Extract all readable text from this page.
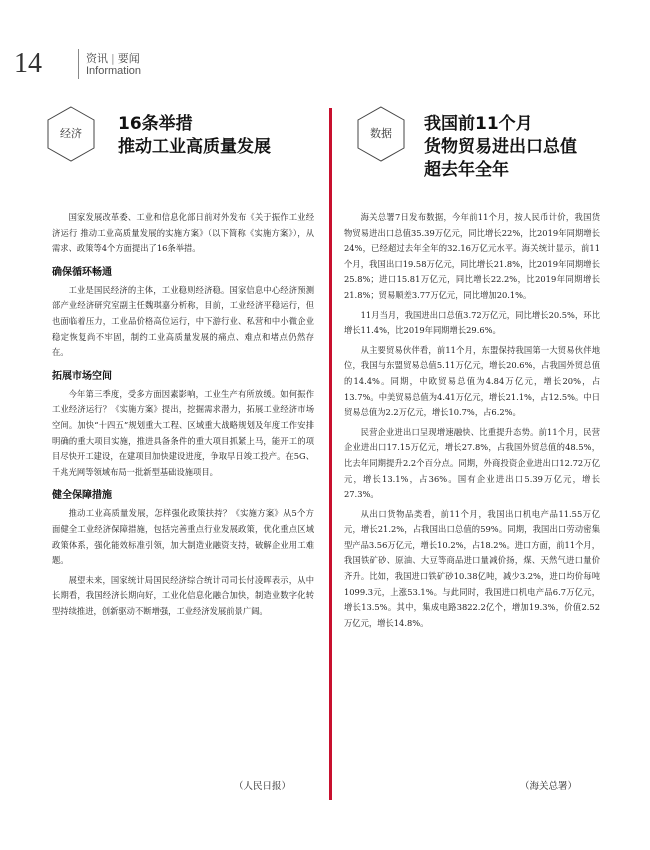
14	资讯 | 要闻
Information
经济	16条举措
推动工业高质量发展
数据	我国前11个月
货物贸易进出口总值
超去年全年

国家发展改革委、工业和信息化部日前对外发布《关于振作工业经济运行 推动工业高质量发展的实施方案》（以下简称《实施方案》），从需求、政策等4个方面提出了16条举措。

确保循环畅通

工业是国民经济的主体，工业稳则经济稳。国家信息中心经济预测部产业经济研究室副主任魏琪嘉分析称，目前，工业经济平稳运行，但也面临着压力，工业品价格高位运行，中下游行业、私营和中小微企业稳定恢复尚不牢固，制约工业高质量发展的痛点、难点和堵点仍然存在。

拓展市场空间

今年第三季度，受多方面因素影响，工业生产有所放缓。如何振作工业经济运行？《实施方案》提出，挖掘需求潜力，拓展工业经济市场空间。加快“十四五”规划重大工程、区域重大战略规划及年度工作安排明确的重大项目实施，推进具备条件的重大项目抓紧上马，能开工的项目尽快开工建设，在建项目加快建设进度，争取早日竣工投产。在5G、千兆光网等领域布局一批新型基础设施项目。

健全保障措施

推动工业高质量发展，怎样强化政策扶持？《实施方案》从5个方面健全工业经济保障措施，包括完善重点行业发展政策，优化重点区域政策体系，强化能效标准引领，加大制造业融资支持，破解企业用工难题。

展望未来，国家统计局国民经济综合统计司司长付凌晖表示，从中长期看，我国经济长期向好，工业化信息化融合加快，制造业数字化转型持续推进，创新驱动不断增强，工业经济发展前景广阔。

（人民日报）

海关总署7日发布数据，今年前11个月，按人民币计价，我国货物贸易进出口总值35.39万亿元，同比增长22%，比2019年同期增长24%，已经超过去年全年的32.16万亿元水平。海关统计显示，前11个月，我国出口19.58万亿元，同比增长21.8%，比2019年同期增长25.8%；进口15.81万亿元，同比增长22.2%，比2019年同期增长21.8%；贸易顺差3.77万亿元，同比增加20.1%。

11月当月，我国进出口总值3.72万亿元，同比增长20.5%，环比增长11.4%，比2019年同期增长29.6%。

从主要贸易伙伴看，前11个月，东盟保持我国第一大贸易伙伴地位，我国与东盟贸易总值5.11万亿元，增长20.6%，占我国外贸总值的14.4%。同期，中欧贸易总值为4.84万亿元，增长20%，占13.7%。中美贸易总值为4.41万亿元，增长21.1%，占12.5%。中日贸易总值为2.2万亿元，增长10.7%，占6.2%。

民营企业进出口呈现增速融快、比重提升态势。前11个月，民营企业进出口17.15万亿元，增长27.8%，占我国外贸总值的48.5%，比去年同期提升2.2个百分点。同期，外商投资企业进出口12.72万亿元，增长13.1%，占36%。国有企业进出口5.39万亿元，增长27.3%。

从出口货物品类看，前11个月，我国出口机电产品11.55万亿元，增长21.2%，占我国出口总值的59%。同期，我国出口劳动密集型产品3.56万亿元，增长10.2%，占18.2%。进口方面，前11个月，我国铁矿砂、原油、大豆等商品进口量减价扬，煤、天然气进口量价齐升。比如，我国进口铁矿砂10.38亿吨，减少3.2%，进口均价每吨1099.3元，上涨53.1%。与此同时，我国进口机电产品6.7万亿元，增长13.5%。其中，集成电路3822.2亿个，增加19.3%，价值2.52万亿元，增长14.8%。

（海关总署）
